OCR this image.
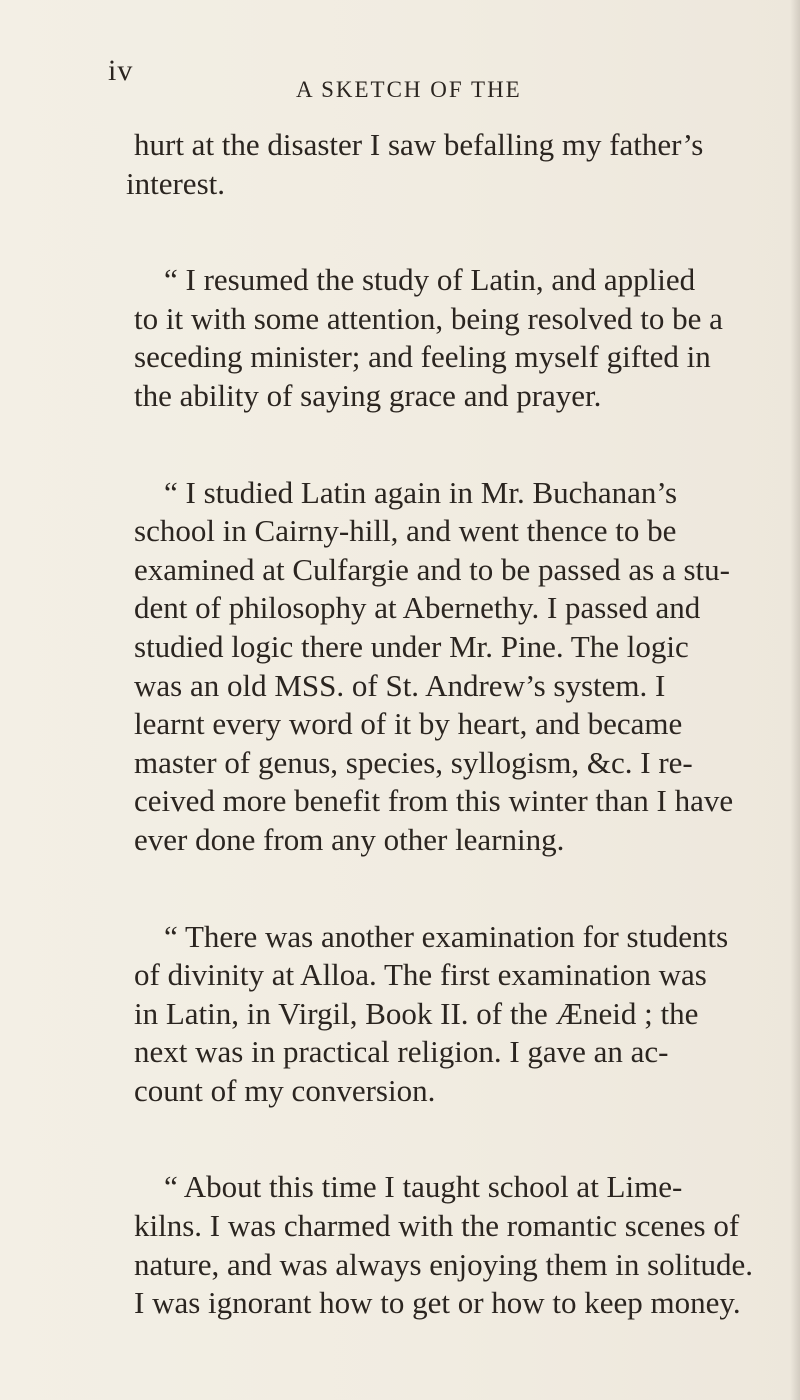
iv
A SKETCH OF THE

hurt at the disaster I saw befalling my father’s
interest.

“ I resumed the study of Latin, and applied
to it with some attention, being resolved to be a
seceding minister; and feeling myself gifted in
the ability of saying grace and prayer.

“ I studied Latin again in Mr. Buchanan’s
school in Cairny-hill, and went thence to be
examined at Culfargie and to be passed as a stu-
dent of philosophy at Abernethy. I passed and
studied logic there under Mr. Pine. The logic
was an old MSS. of St. Andrew’s system. I
learnt every word of it by heart, and became
master of genus, species, syllogism, &c. I re-
ceived more benefit from this winter than I have
ever done from any other learning.

“ There was another examination for students
of divinity at Alloa. The first examination was
in Latin, in Virgil, Book II. of the Æneid ; the
next was in practical religion. I gave an ac-
count of my conversion.

“ About this time I taught school at Lime-
kilns. I was charmed with the romantic scenes of
nature, and was always enjoying them in solitude.
I was ignorant how to get or how to keep money.
